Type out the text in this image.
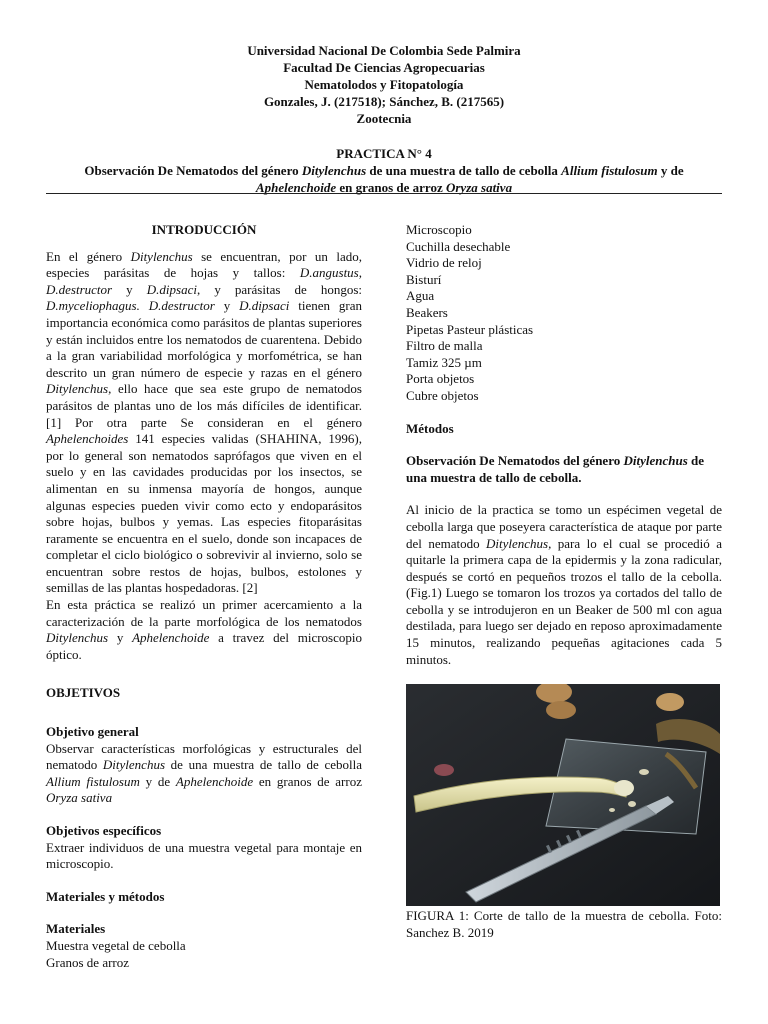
Universidad Nacional De Colombia Sede Palmira
Facultad De Ciencias Agropecuarias
Nematolodos y Fitopatología
Gonzales, J. (217518); Sánchez, B. (217565)
Zootecnia
PRACTICA N° 4
Observación De Nematodos del género Ditylenchus de una muestra de tallo de cebolla Allium fistulosum y de
Aphelenchoide en granos de arroz Oryza sativa
INTRODUCCIÓN

En el género Ditylenchus se encuentran, por un lado, especies parásitas de hojas y tallos: D.angustus, D.destructor y D.dipsaci, y parásitas de hongos: D.myceliophagus. D.destructor y D.dipsaci tienen gran importancia económica como parásitos de plantas superiores y están incluidos entre los nematodos de cuarentena. Debido a la gran variabilidad morfológica y morfométrica, se han descrito un gran número de especie y razas en el género Ditylenchus, ello hace que sea este grupo de nematodos parásitos de plantas uno de los más difíciles de identificar.[1] Por otra parte Se consideran en el género Aphelenchoides 141 especies validas (SHAHINA, 1996), por lo general son nematodos saprófagos que viven en el suelo y en las cavidades producidas por los insectos, se alimentan en su inmensa mayoría de hongos, aunque algunas especies pueden vivir como ecto y endoparásitos sobre hojas, bulbos y yemas. Las especies fitoparásitas raramente se encuentra en el suelo, donde son incapaces de completar el ciclo biológico o sobrevivir al invierno, solo se encuentran sobre restos de hojas, bulbos, estolones y semillas de las plantas hospedadoras. [2]

En esta práctica se realizó un primer acercamiento a la caracterización de la parte morfológica de los nematodos Ditylenchus y Aphelenchoide a travez del microscopio óptico.

OBJETIVOS
Objetivo general

Observar características morfológicas y estructurales del nematodo Ditylenchus de una muestra de tallo de cebolla Allium fistulosum y de Aphelenchoide en granos de arroz Oryza sativa

Objetivos específicos

Extraer individuos de una muestra vegetal para montaje en microscopio.

Materiales y métodos
Materiales
Muestra vegetal de cebolla
Granos de arroz
Microscopio
Cuchilla desechable
Vidrio de reloj
Bisturí
Agua
Beakers
Pipetas Pasteur plásticas
Filtro de malla
Tamiz 325 µm
Porta objetos
Cubre objetos
Métodos
Observación De Nematodos del género Ditylenchus de una muestra de tallo de cebolla.

Al inicio de la practica se tomo un espécimen vegetal de cebolla larga que poseyera característica de ataque por parte del nematodo Ditylenchus, para lo el cual se procedió a quitarle la primera capa de la epidermis y la zona radicular, después se cortó en pequeños trozos el tallo de la cebolla. (Fig.1) Luego se tomaron los trozos ya cortados del tallo de cebolla y se introdujeron en un Beaker de 500 ml con agua destilada, para luego ser dejado en reposo aproximadamente 15 minutos, realizando pequeñas agitaciones cada 5 minutos.

FIGURA 1: Corte de tallo de la muestra de cebolla. Foto: Sanchez B. 2019
